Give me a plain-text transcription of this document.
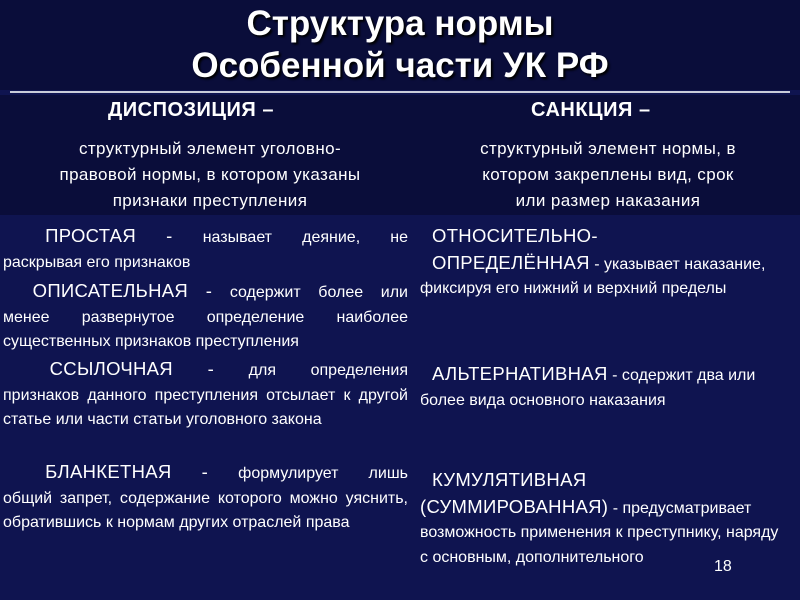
Структура нормы
Особенной части УК РФ
ДИСПОЗИЦИЯ –	САНКЦИЯ –
структурный элемент уголовно-
правовой нормы, в котором указаны
признаки преступления
структурный элемент нормы, в
котором закреплены вид, срок
или размер наказания
ПРОСТАЯ - называет деяние, не
раскрывая его признаков
ОПИСАТЕЛЬНАЯ - содержит более или
менее развернутое определение наиболее существенных признаков преступления
ССЫЛОЧНАЯ - для определения
признаков данного преступления отсылает к другой статье или части статьи уголовного закона
БЛАНКЕТНАЯ - формулирует лишь
общий запрет, содержание которого можно уяснить, обратившись к нормам других отраслей права
ОТНОСИТЕЛЬНО-
ОПРЕДЕЛЁННАЯ - указывает наказание, фиксируя его нижний и верхний пределы
АЛЬТЕРНАТИВНАЯ - содержит два или более вида основного наказания
КУМУЛЯТИВНАЯ
(СУММИРОВАННАЯ) - предусматривает возможность применения к преступнику, наряду с основным, дополнительного
18
